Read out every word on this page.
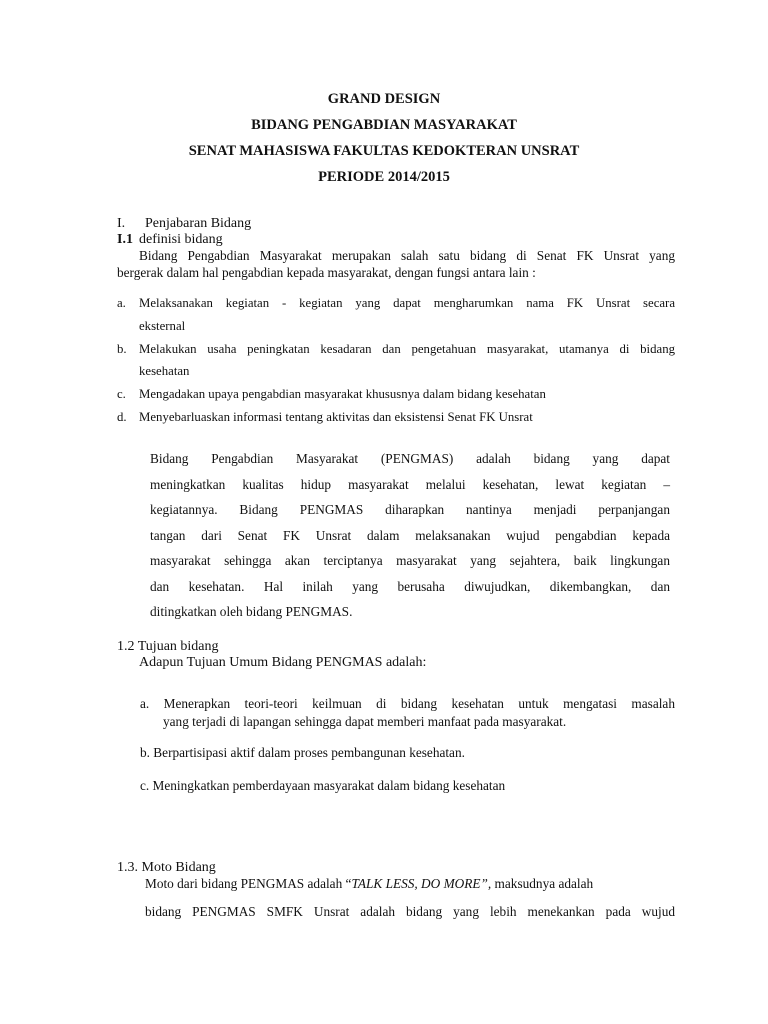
GRAND DESIGN
BIDANG PENGABDIAN MASYARAKAT
SENAT MAHASISWA FAKULTAS KEDOKTERAN UNSRAT
PERIODE 2014/2015
I. Penjabaran Bidang
I.1 definisi bidang
Bidang Pengabdian Masyarakat merupakan salah satu bidang di Senat FK Unsrat yang
bergerak dalam hal pengabdian kepada masyarakat, dengan fungsi antara lain :
a. Melaksanakan kegiatan - kegiatan yang dapat mengharumkan nama FK Unsrat secara
eksternal
b. Melakukan usaha peningkatan kesadaran dan pengetahuan masyarakat, utamanya di bidang
kesehatan
c. Mengadakan upaya pengabdian masyarakat khususnya dalam bidang kesehatan
d. Menyebarluaskan informasi tentang aktivitas dan eksistensi Senat FK Unsrat
Bidang Pengabdian Masyarakat (PENGMAS) adalah bidang yang dapat
meningkatkan kualitas hidup masyarakat melalui kesehatan, lewat kegiatan –
kegiatannya. Bidang PENGMAS diharapkan nantinya menjadi perpanjangan
tangan dari Senat FK Unsrat dalam melaksanakan wujud pengabdian kepada
masyarakat sehingga akan terciptanya masyarakat yang sejahtera, baik lingkungan
dan kesehatan. Hal inilah yang berusaha diwujudkan, dikembangkan, dan
ditingkatkan oleh bidang PENGMAS.
1.2 Tujuan bidang
Adapun Tujuan Umum Bidang PENGMAS adalah:
a. Menerapkan teori-teori keilmuan di bidang kesehatan untuk mengatasi masalah
yang terjadi di lapangan sehingga dapat memberi manfaat pada masyarakat.
b. Berpartisipasi aktif dalam proses pembangunan kesehatan.
c. Meningkatkan pemberdayaan masyarakat dalam bidang kesehatan
1.3. Moto Bidang
Moto dari bidang PENGMAS adalah “TALK LESS, DO MORE”, maksudnya adalah
bidang PENGMAS SMFK Unsrat adalah bidang yang lebih menekankan pada wujud
